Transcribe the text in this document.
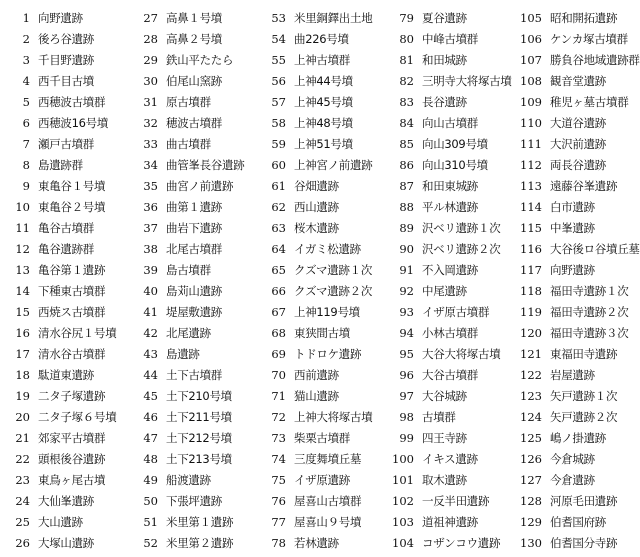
1 向野遺跡
2 後ろ谷遺跡
3 千目野遺跡
4 西千目古墳
5 西穂波古墳群
6 西穂波16号墳
7 瀬戸古墳群
8 島遺跡群
9 東亀谷１号墳
10 東亀谷２号墳
11 亀谷古墳群
12 亀谷遺跡群
13 亀谷第１遺跡
14 下種東古墳群
15 西焼ス古墳群
16 清水谷尻１号墳
17 清水谷古墳群
18 駄道東遺跡
19 二タ子塚遺跡
20 二タ子塚６号墳
21 郊家平古墳群
22 頭根後谷遺跡
23 東鳥ヶ尾古墳
24 大仙峯遺跡
25 大山遺跡
26 大塚山遺跡
27 高鼻１号墳
28 高鼻２号墳
29 鉄山平たたら
30 伯尾山窯跡
31 原古墳群
32 穂波古墳群
33 曲古墳群
34 曲管峯長谷遺跡
35 曲宮ノ前遺跡
36 曲第１遺跡
37 曲岩下遺跡
38 北尾古墳群
39 島古墳群
40 島苅山遺跡
41 堤屋敷遺跡
42 北尾遺跡
43 島遺跡
44 土下古墳群
45 土下210号墳
46 土下211号墳
47 土下212号墳
48 土下213号墳
49 船渡遺跡
50 下張坪遺跡
51 米里第１遺跡
52 米里第２遺跡
53 米里銅鐸出土地
54 曲226号墳
55 上神古墳群
56 上神44号墳
57 上神45号墳
58 上神48号墳
59 上神51号墳
60 上神宮ノ前遺跡
61 谷畑遺跡
62 西山遺跡
63 桜木遺跡
64 イガミ松遺跡
65 クズマ遺跡１次
66 クズマ遺跡２次
67 上神119号墳
68 東狭間古墳
69 トドロケ遺跡
70 西前遺跡
71 猫山遺跡
72 上神大将塚古墳
73 柴栗古墳群
74 三度舞墳丘墓
75 イザ原遺跡
76 屋喜山古墳群
77 屋喜山９号墳
78 若林遺跡
79 夏谷遺跡
80 中峰古墳群
81 和田城跡
82 三明寺大将塚古墳
83 長谷遺跡
84 向山古墳群
85 向山309号墳
86 向山310号墳
87 和田東城跡
88 平ル林遺跡
89 沢ベリ遺跡１次
90 沢ベリ遺跡２次
91 不入岡遺跡
92 中尾遺跡
93 イザ原古墳群
94 小林古墳群
95 大谷大将塚古墳
96 大谷古墳群
97 大谷城跡
98 古墳群
99 四王寺跡
100 イキス遺跡
101 取木遺跡
102 一反半田遺跡
103 道祖神遺跡
104 コザンコウ遺跡
105 昭和開拓遺跡
106 ケンカ塚古墳群
107 勝負谷地域遺跡群
108 観音堂遺跡
109 稚児ヶ墓古墳群
110 大道谷遺跡
111 大沢前遺跡
112 両長谷遺跡
113 遠藤谷峯遺跡
114 白市遺跡
115 中峯遺跡
116 大谷後ロ谷墳丘墓
117 向野遺跡
118 福田寺遺跡１次
119 福田寺遺跡２次
120 福田寺遺跡３次
121 東福田寺遺跡
122 岩屋遺跡
123 矢戸遺跡１次
124 矢戸遺跡２次
125 嶋ノ掛遺跡
126 今倉城跡
127 今倉遺跡
128 河原毛田遺跡
129 伯耆国府跡
130 伯耆国分寺跡
